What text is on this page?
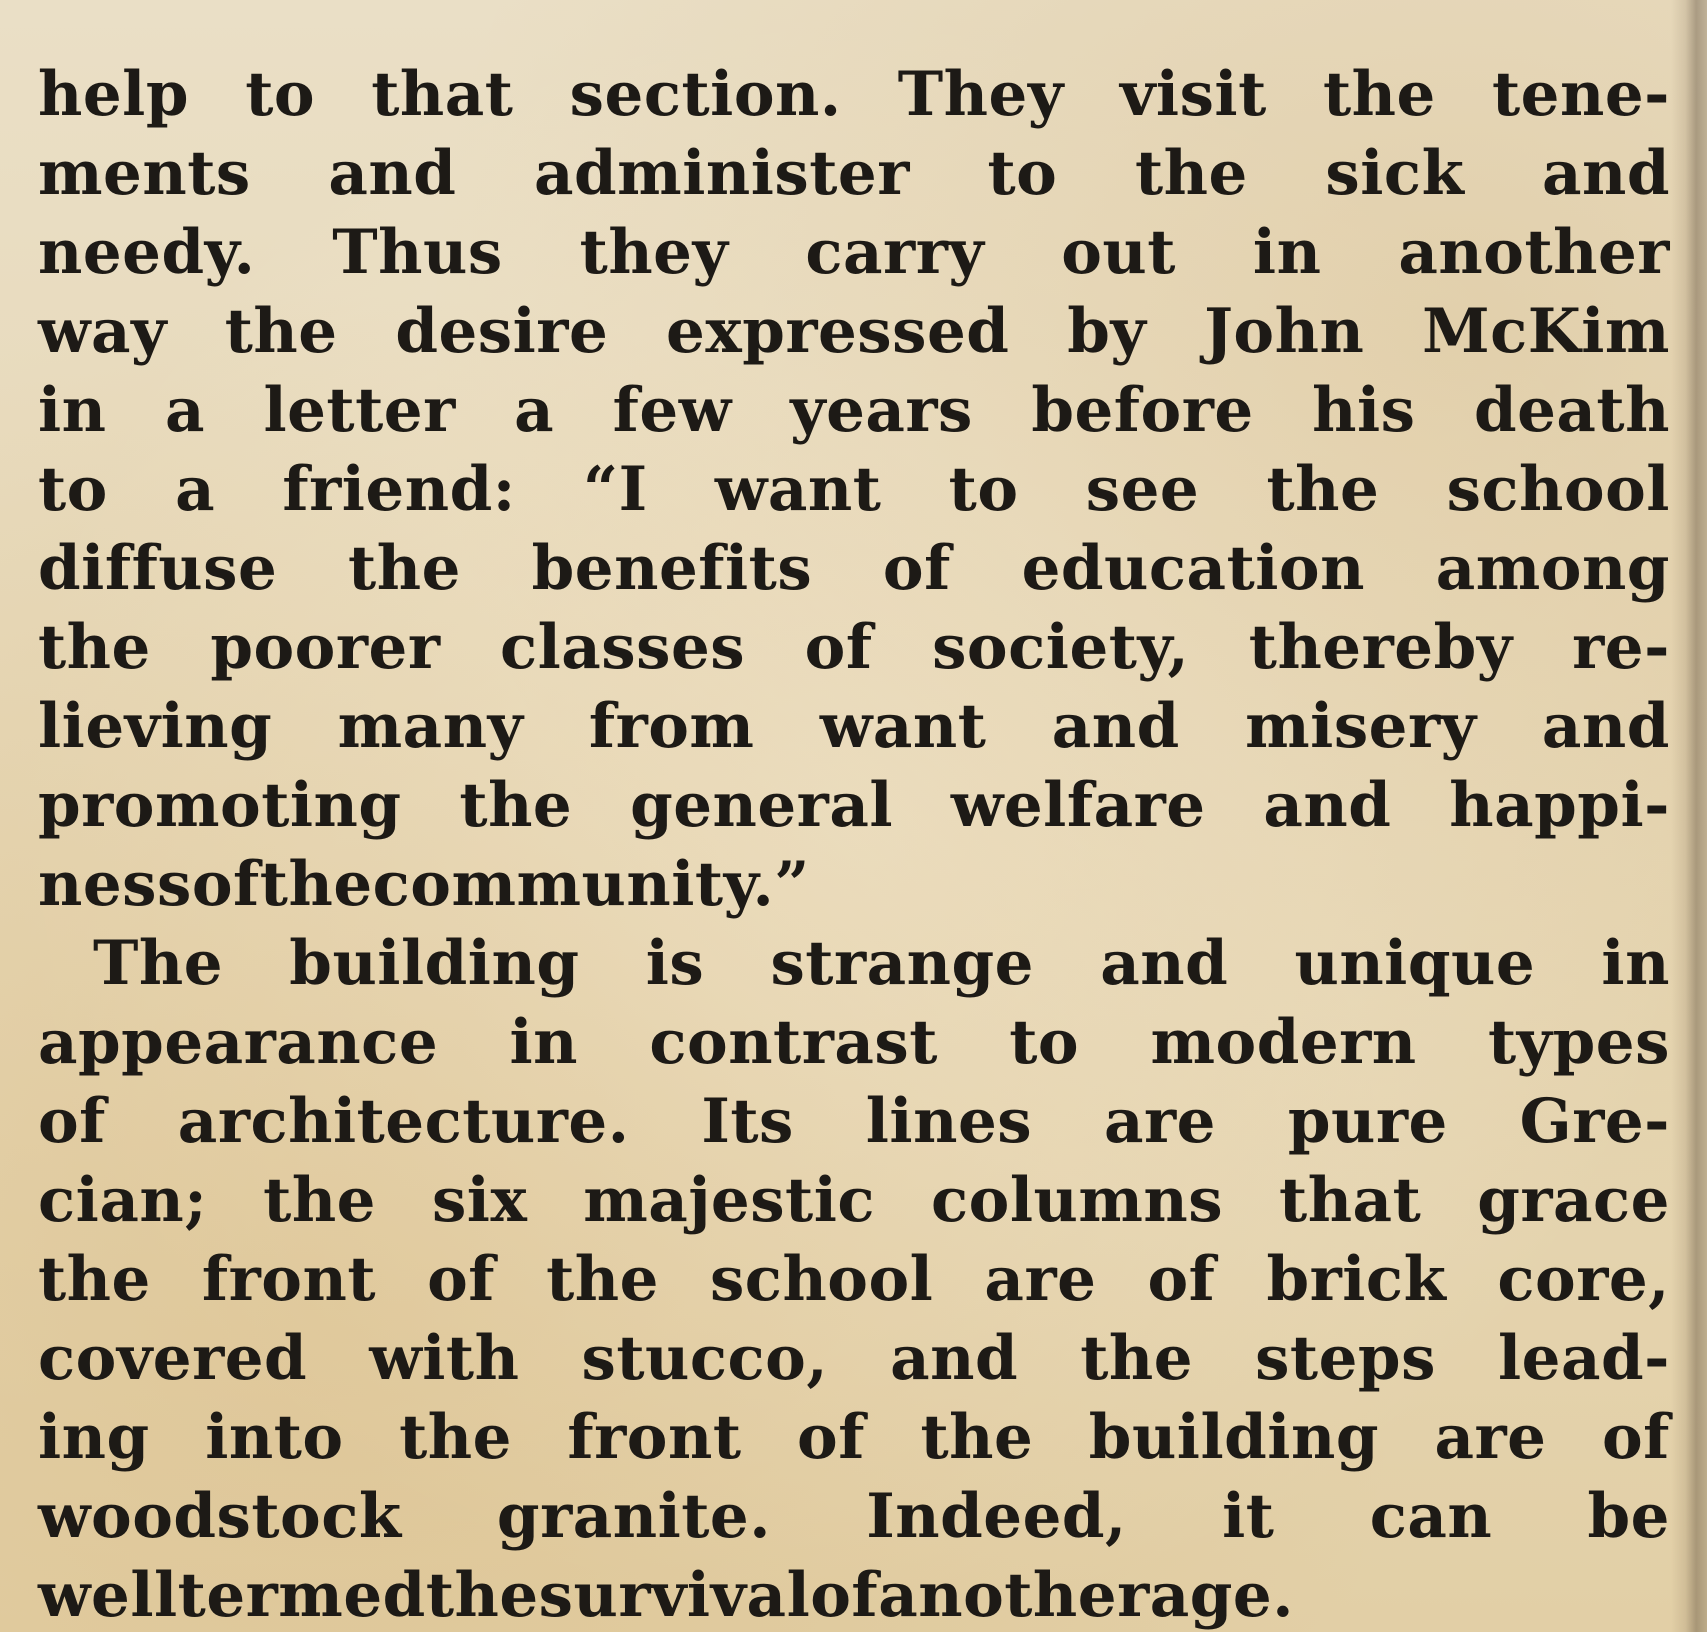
help to that section. They visit the tene-
ments and administer to the sick and
needy. Thus they carry out in another
way the desire expressed by John McKim
in a letter a few years before his death
to a friend: “I want to see the school
diffuse the benefits of education among
the poorer classes of society, thereby re-
lieving many from want and misery and
promoting the general welfare and happi-
ness of the community.”
The building is strange and unique in
appearance in contrast to modern types
of architecture. Its lines are pure Gre-
cian; the six majestic columns that grace
the front of the school are of brick core,
covered with stucco, and the steps lead-
ing into the front of the building are of
woodstock granite. Indeed, it can be
well termed the survival of another age.
